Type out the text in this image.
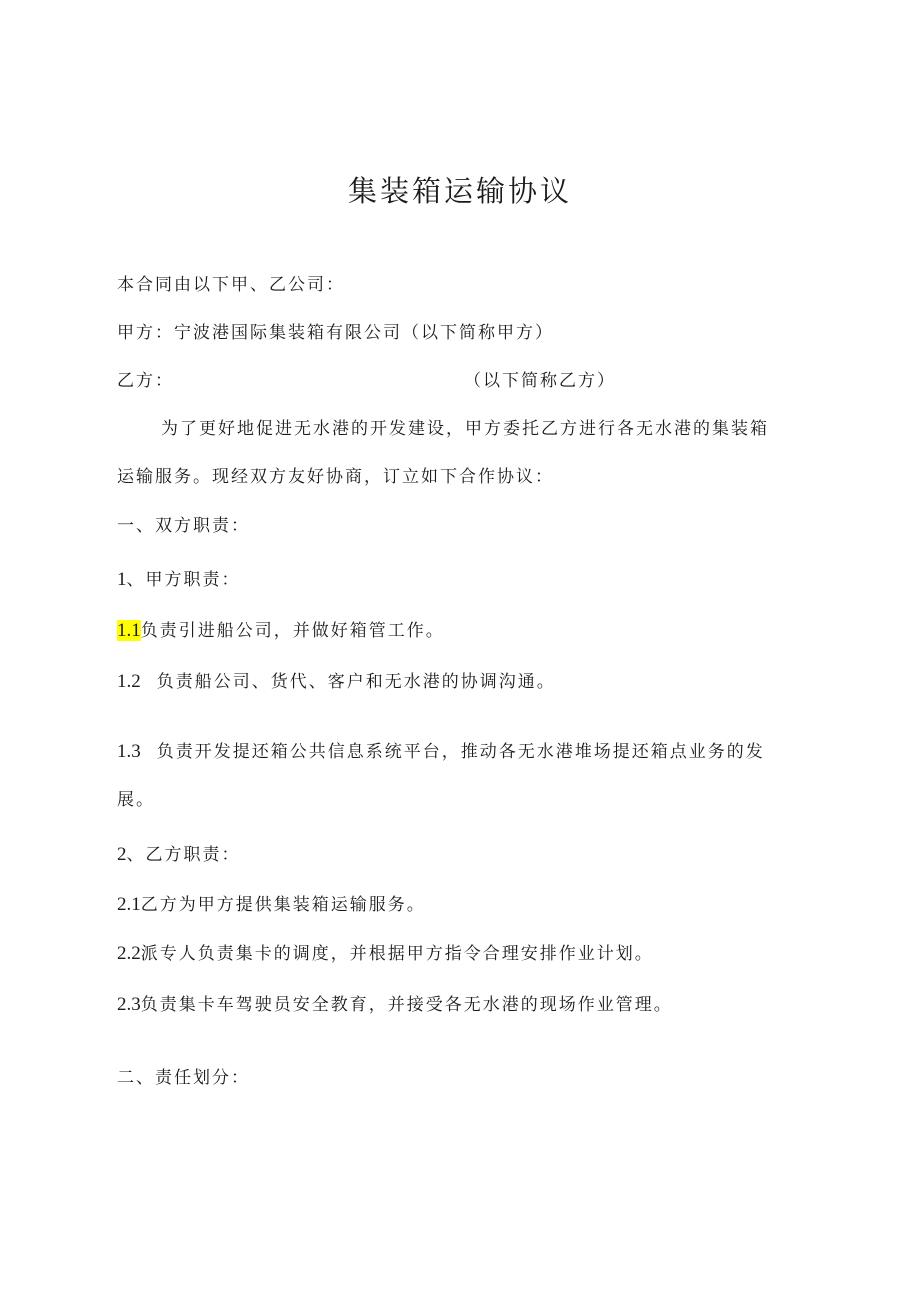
集装箱运输协议
本合同由以下甲、乙公司：
甲方：宁波港国际集装箱有限公司（以下简称甲方）
乙方：	（以下简称乙方）
为了更好地促进无水港的开发建设，甲方委托乙方进行各无水港的集装箱
运输服务。现经双方友好协商，订立如下合作协议：
一、双方职责：
1、甲方职责：
1.1负责引进船公司，并做好箱管工作。
1.2 负责船公司、货代、客户和无水港的协调沟通。
1.3 负责开发提还箱公共信息系统平台，推动各无水港堆场提还箱点业务的发
展。
2、乙方职责：
2.1乙方为甲方提供集装箱运输服务。
2.2派专人负责集卡的调度，并根据甲方指令合理安排作业计划。
2.3负责集卡车驾驶员安全教育，并接受各无水港的现场作业管理。
二、责任划分：
